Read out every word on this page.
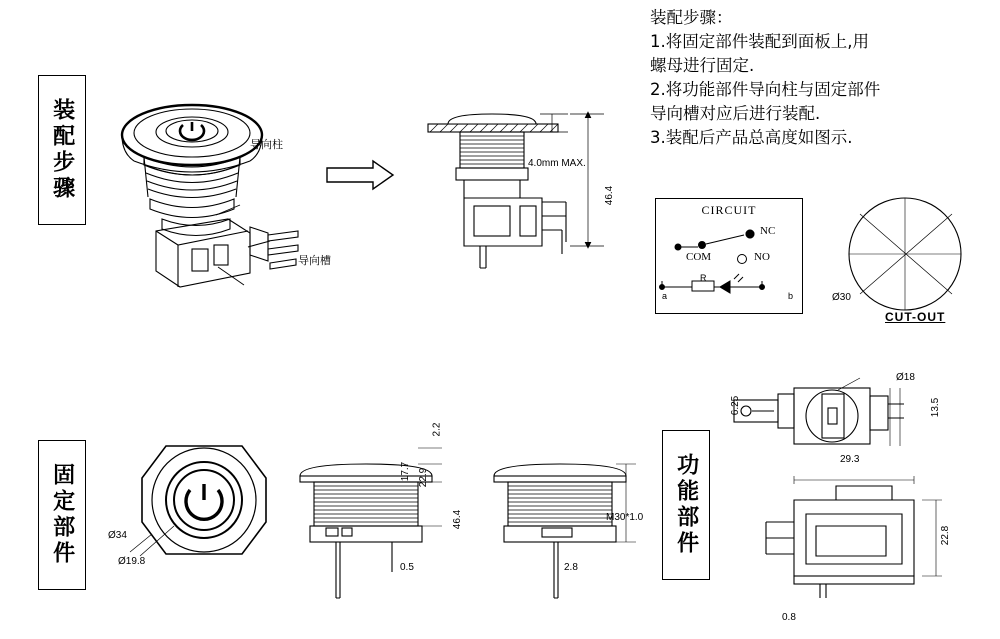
装配步骤
固定部件	功能部件
装配步骤：
1.将固定部件装配到面板上,用
螺母进行固定.
2.将功能部件导向柱与固定部件
导向槽对应后进行装配.
3.装配后产品总高度如图示.
导向柱
导向槽
4.0mm MAX.
46.4
CIRCUIT
NC
NO
COM
a	b
R
Ø30
CUT-OUT
Ø34
Ø19.8
2.2
17.7 22.9
0.5
46.4	M30*1.0
2.8
Ø18
13.5
6.25
29.3
22.8
0.8
